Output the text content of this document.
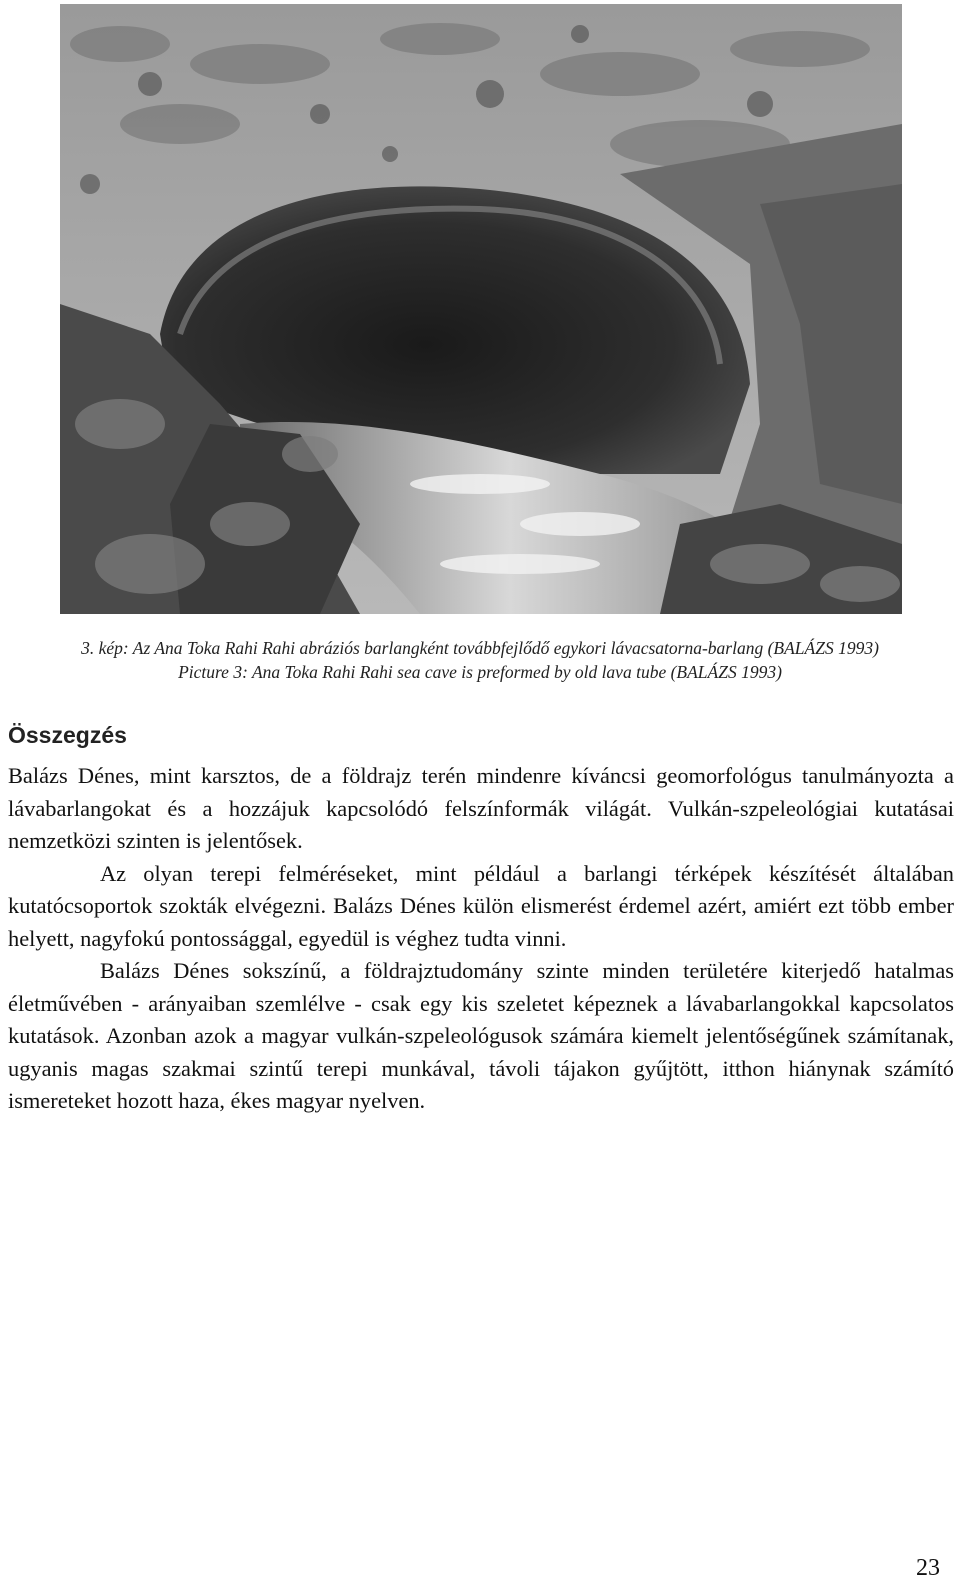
3. kép: Az Ana Toka Rahi Rahi abráziós barlangként továbbfejlődő egykori lávacsatorna-barlang (BALÁZS 1993)
Picture 3: Ana Toka Rahi Rahi sea cave is preformed by old lava tube (BALÁZS 1993)
Összegzés

Balázs Dénes, mint karsztos, de a földrajz terén mindenre kíváncsi geomorfológus tanulmányozta a lávabarlangokat és a hozzájuk kapcsolódó felszínformák világát. Vulkán-szpeleológiai kutatásai nemzetközi szinten is jelentősek.

Az olyan terepi felméréseket, mint például a barlangi térképek készítését általában kutatócsoportok szokták elvégezni. Balázs Dénes külön elismerést érdemel azért, amiért ezt több ember helyett, nagyfokú pontossággal, egyedül is véghez tudta vinni.

Balázs Dénes sokszínű, a földrajztudomány szinte minden területére kiterjedő hatalmas életművében - arányaiban szemlélve - csak egy kis szeletet képeznek a lávabarlangokkal kapcsolatos kutatások. Azonban azok a magyar vulkán-szpeleológusok számára kiemelt jelentőségűnek számítanak, ugyanis magas szakmai szintű terepi munkával, távoli tájakon gyűjtött, itthon hiánynak számító ismereteket hozott haza, ékes magyar nyelven.

23
